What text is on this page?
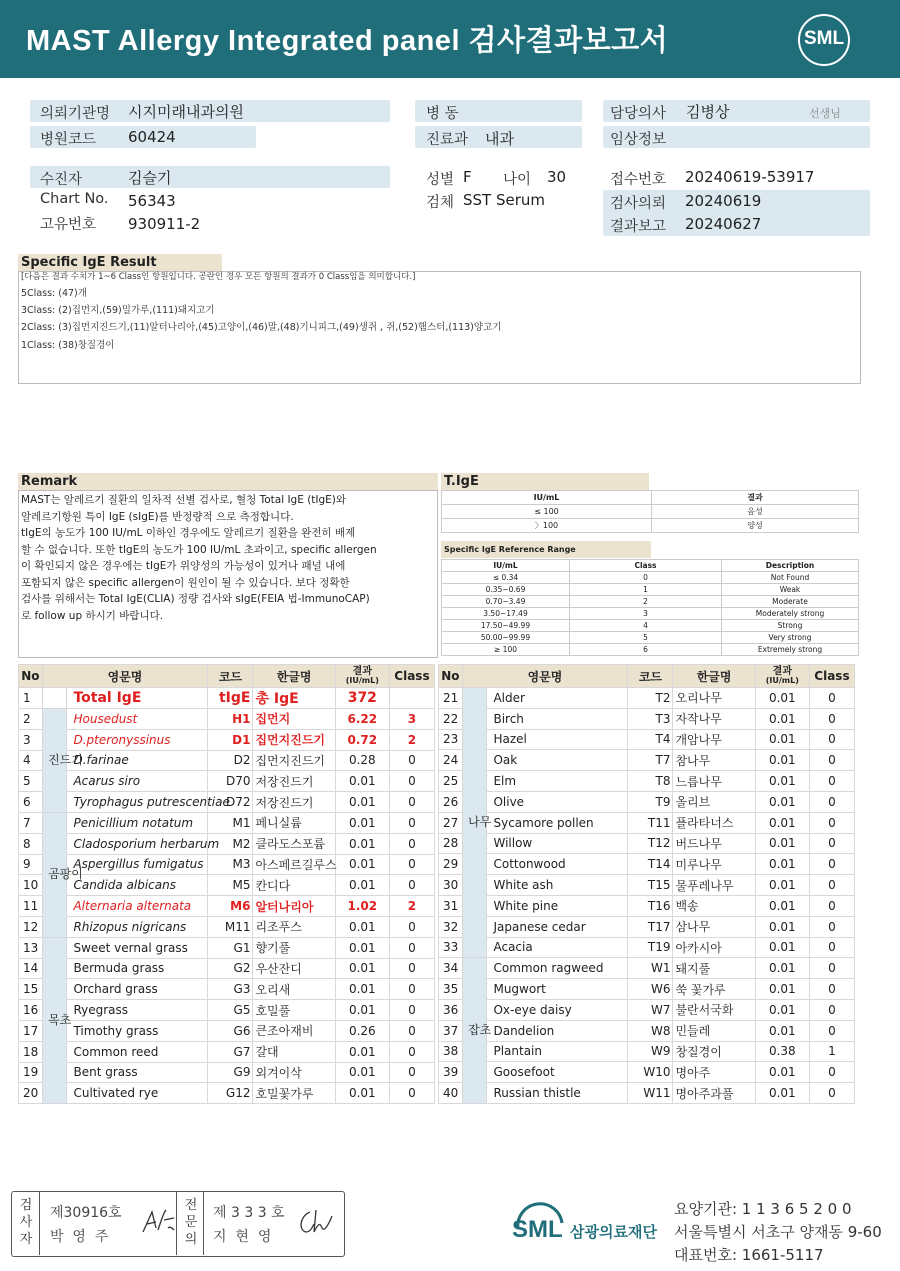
MAST Allergy Integrated panel 검사결과보고서	SML
의뢰기관명 시지미래내과의원
병원코드 60424
병 동
진료과 내과
담당의사 김병상	선생님
임상정보
수진자	김슬기
Chart No. 56343
고유번호 930911-2
성별 F 나이 30
검체 SST Serum
접수번호 20240619-53917
검사의뢰 20240619
결과보고 20240627
Specific IgE Result
[다음은 결과 수치가 1~6 Class인 항원입니다. 공란인 경우 모든 항원의 결과가 0 Class임을 의미합니다.]
5Class: (47)개
3Class: (2)집먼지,(59)밀가루,(111)돼지고기
2Class: (3)집먼지진드기,(11)알터나리아,(45)고양이,(46)말,(48)기니피그,(49)생쥐 , 쥐,(52)햄스터,(113)양고기
1Class: (38)창질경이
Remark
MAST는 알레르기 질환의 일차적 선별 검사로, 혈청 Total IgE (tIgE)와
알레르기항원 특이 IgE (sIgE)를 반정량적 으로 측정합니다.
tIgE의 농도가 100 IU/mL 이하인 경우에도 알레르기 질환을 완전히 배제
할 수 없습니다. 또한 tIgE의 농도가 100 IU/mL 초과이고, specific allergen
이 확인되지 않은 경우에는 tIgE가 위양성의 가능성이 있거나 패널 내에
포함되지 않은 specific allergen이 원인이 될 수 있습니다. 보다 정확한
검사를 위해서는 Total IgE(CLIA) 정량 검사와 sIgE(FEIA 법-ImmunoCAP)
로 follow up 하시기 바랍니다.
T.IgE
IU/mL	결과
≤ 100	음성
〉100	양성
Specific IgE Reference Range
IU/mL	Class	Description
≤ 0.34	0	Not Found
0.35~0.69	1	Weak
0.70~3.49	2	Moderate
3.50~17.49	3	Moderately strong
17.50~49.99	4	Strong
50.00~99.99	5	Very strong
≥ 100	6	Extremely strong
No	영문명		코드	한글명	결과
(IU/mL)	Class
1		Total IgE	tIgE	총 IgE	372	
2	진드기	Housedust	H1	집먼지	6.22	3
3		D.pteronyssinus	D1	집먼지진드기	0.72	2
4		D.farinae	D2	집먼지진드기	0.28	0
5		Acarus siro	D70	저장진드기	0.01	0
6		Tyrophagus putrescentiae	D72	저장진드기	0.01	0
7	곰팡이	Penicillium notatum	M1	페니실륨	0.01	0
8		Cladosporium herbarum	M2	클라도스포륨	0.01	0
9		Aspergillus fumigatus	M3	아스페르길루스	0.01	0
10		Candida albicans	M5	칸디다	0.01	0
11		Alternaria alternata	M6	알터나리아	1.02	2
12		Rhizopus nigricans	M11	리조푸스	0.01	0
13	목초	Sweet vernal grass	G1	향기풀	0.01	0
14		Bermuda grass	G2	우산잔디	0.01	0
15		Orchard grass	G3	오리새	0.01	0
16		Ryegrass	G5	호밀풀	0.01	0
17		Timothy grass	G6	큰조아재비	0.26	0
18		Common reed	G7	갈대	0.01	0
19		Bent grass	G9	외겨이삭	0.01	0
20		Cultivated rye	G12	호밀꽃가루	0.01	0
No	영문명		코드	한글명	결과
(IU/mL)	Class
21	나무	Alder	T2	오리나무	0.01	0
22		Birch	T3	자작나무	0.01	0
23		Hazel	T4	개암나무	0.01	0
24		Oak	T7	참나무	0.01	0
25		Elm	T8	느릅나무	0.01	0
26		Olive	T9	올리브	0.01	0
27		Sycamore pollen	T11	플라타너스	0.01	0
28		Willow	T12	버드나무	0.01	0
29		Cottonwood	T14	미루나무	0.01	0
30		White ash	T15	물푸레나무	0.01	0
31		White pine	T16	백송	0.01	0
32		Japanese cedar	T17	삼나무	0.01	0
33		Acacia	T19	아카시아	0.01	0
34	잡초	Common ragweed	W1	돼지풀	0.01	0
35		Mugwort	W6	쑥 꽃가루	0.01	0
36		Ox-eye daisy	W7	불란서국화	0.01	0
37		Dandelion	W8	민들레	0.01	0
38		Plantain	W9	창질경이	0.38	1
39		Goosefoot	W10	명아주	0.01	0
40		Russian thistle	W11	명아주과풀	0.01	0
검사자
제30916호
박  영  주
전문의
제 3 3 3 호
지  현  영	SML 삼광의료재단
요양기관: 1 1 3 6 5 2 0 0
서울특별시 서초구 양재동 9-60
대표번호: 1661-5117
